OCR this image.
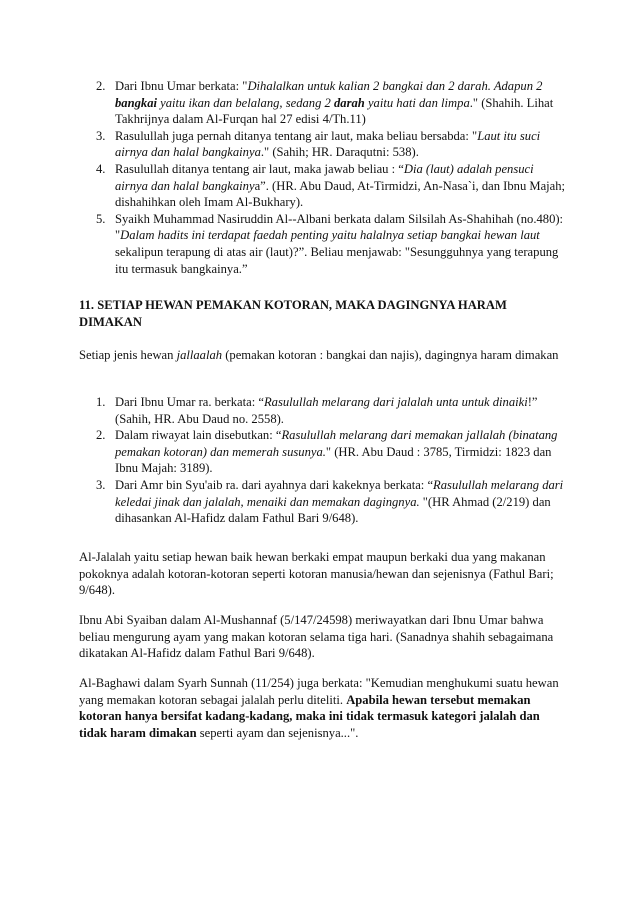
2. Dari Ibnu Umar berkata: "Dihalalkan untuk kalian 2 bangkai dan 2 darah. Adapun 2 bangkai yaitu ikan dan belalang, sedang 2 darah yaitu hati dan limpa." (Shahih. Lihat Takhrijnya dalam Al-Furqan hal 27 edisi 4/Th.11)
3. Rasulullah juga pernah ditanya tentang air laut, maka beliau bersabda: "Laut itu suci airnya dan halal bangkainya." (Sahih; HR. Daraqutni: 538).
4. Rasulullah ditanya tentang air laut, maka jawab beliau : “Dia (laut) adalah pensuci airnya dan halal bangkainya”. (HR. Abu Daud, At-Tirmidzi, An-Nasa`i, dan Ibnu Majah; dishahihkan oleh Imam Al-Bukhary).
5. Syaikh Muhammad Nasiruddin Al--Albani berkata dalam Silsilah As-Shahihah (no.480): "Dalam hadits ini terdapat faedah penting yaitu halalnya setiap bangkai hewan laut sekalipun terapung di atas air (laut)?”. Beliau menjawab: "Sesungguhnya yang terapung itu termasuk bangkainya.”
11. SETIAP HEWAN PEMAKAN KOTORAN, MAKA DAGINGNYA HARAM DIMAKAN

Setiap jenis hewan jallaalah (pemakan kotoran : bangkai dan najis), dagingnya haram dimakan

1. Dari Ibnu Umar ra. berkata: “Rasulullah melarang dari jalalah unta untuk dinaiki!” (Sahih, HR. Abu Daud no. 2558).
2. Dalam riwayat lain disebutkan: “Rasulullah melarang dari memakan jallalah (binatang pemakan kotoran) dan memerah susunya." (HR. Abu Daud : 3785, Tirmidzi: 1823 dan Ibnu Majah: 3189).
3. Dari Amr bin Syu'aib ra. dari ayahnya dari kakeknya berkata: “Rasulullah melarang dari keledai jinak dan jalalah, menaiki dan memakan dagingnya. "(HR Ahmad (2/219) dan dihasankan Al-Hafidz dalam Fathul Bari 9/648).

Al-Jalalah yaitu setiap hewan baik hewan berkaki empat maupun berkaki dua yang makanan pokoknya adalah kotoran-kotoran seperti kotoran manusia/hewan dan sejenisnya (Fathul Bari; 9/648).

Ibnu Abi Syaiban dalam Al-Mushannaf (5/147/24598) meriwayatkan dari Ibnu Umar bahwa beliau mengurung ayam yang makan kotoran selama tiga hari. (Sanadnya shahih sebagaimana dikatakan Al-Hafidz dalam Fathul Bari 9/648).

Al-Baghawi dalam Syarh Sunnah (11/254) juga berkata: "Kemudian menghukumi suatu hewan yang memakan kotoran sebagai jalalah perlu diteliti. Apabila hewan tersebut memakan kotoran hanya bersifat kadang-kadang, maka ini tidak termasuk kategori jalalah dan tidak haram dimakan seperti ayam dan sejenisnya...".
